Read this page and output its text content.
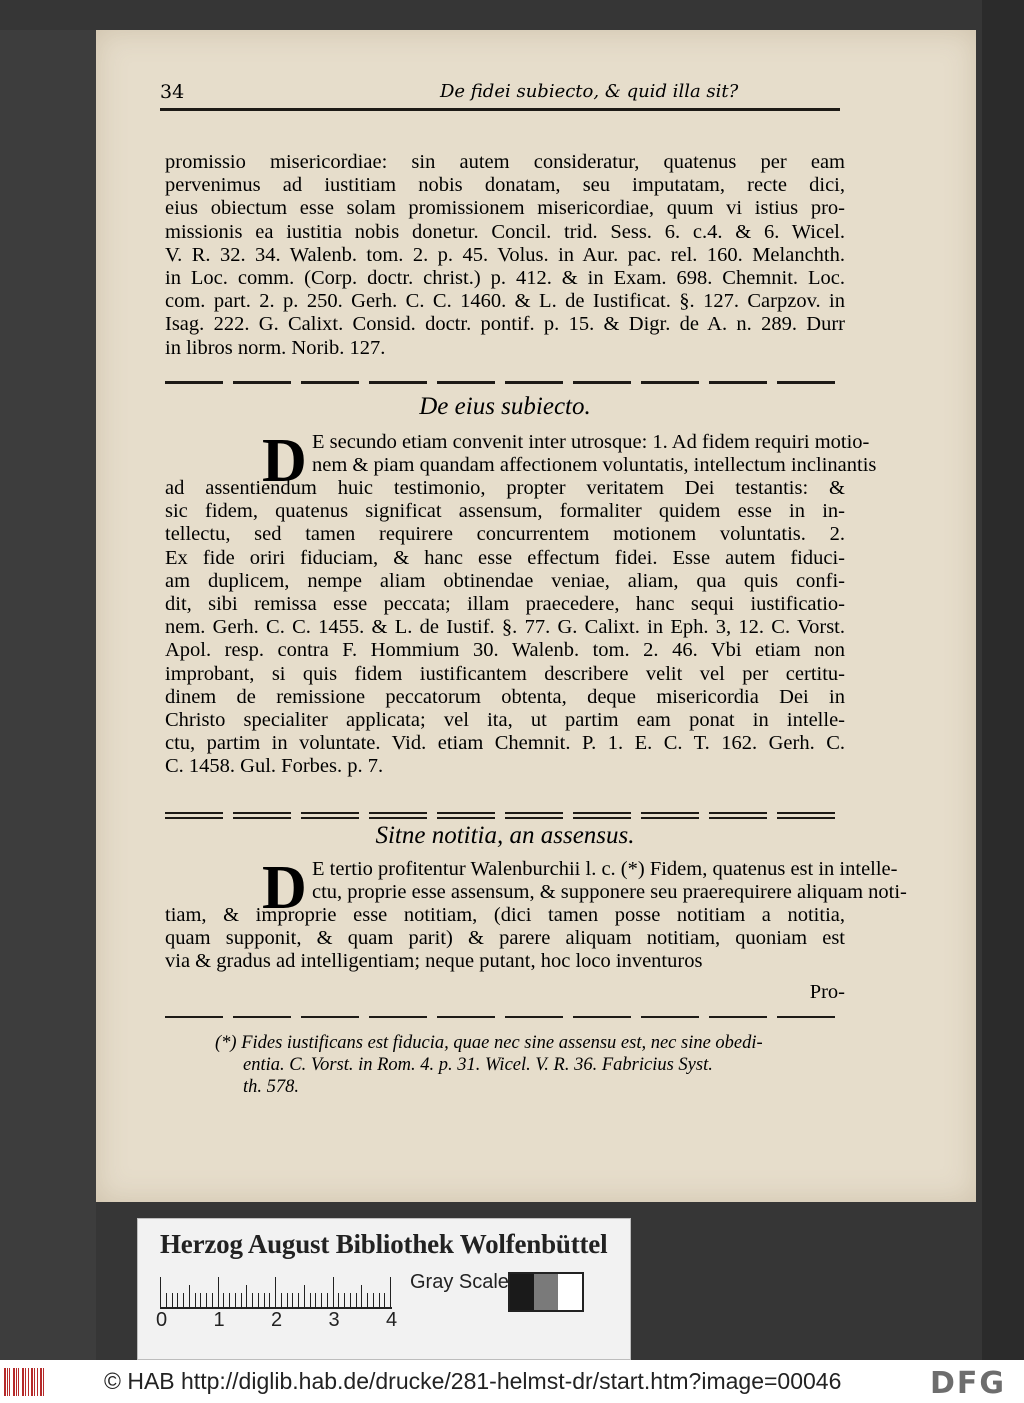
34	De fidei subiecto, & quid illa sit?
promissio misericordiae: sin autem consideratur, quatenus per eam
pervenimus ad iustitiam nobis donatam, seu imputatam, recte dici,
eius obiectum esse solam promissionem misericordiae, quum vi istius pro-
missionis ea iustitia nobis donetur. Concil. trid. Sess. 6. c.4. & 6. Wicel.
V. R. 32. 34. Walenb. tom. 2. p. 45. Volus. in Aur. pac. rel. 160. Melanchth.
in Loc. comm. (Corp. doctr. christ.) p. 412. & in Exam. 698. Chemnit. Loc.
com. part. 2. p. 250. Gerh. C. C. 1460. & L. de Iustificat. §. 127. Carpzov. in
Isag. 222. G. Calixt. Consid. doctr. pontif. p. 15. & Digr. de A. n. 289. Durr
in libros norm. Norib. 127.
De eius subiecto.
D E secundo etiam convenit inter utrosque: 1. Ad fidem requiri motio-
nem & piam quandam affectionem voluntatis, intellectum inclinantis
ad assentiendum huic testimonio, propter veritatem Dei testantis: &
sic fidem, quatenus significat assensum, formaliter quidem esse in in-
tellectu, sed tamen requirere concurrentem motionem voluntatis. 2.
Ex fide oriri fiduciam, & hanc esse effectum fidei. Esse autem fiduci-
am duplicem, nempe aliam obtinendae veniae, aliam, qua quis confi-
dit, sibi remissa esse peccata; illam praecedere, hanc sequi iustificatio-
nem. Gerh. C. C. 1455. & L. de Iustif. §. 77. G. Calixt. in Eph. 3, 12. C. Vorst.
Apol. resp. contra F. Hommium 30. Walenb. tom. 2. 46. Vbi etiam non
improbant, si quis fidem iustificantem describere velit vel per certitu-
dinem de remissione peccatorum obtenta, deque misericordia Dei in
Christo specialiter applicata; vel ita, ut partim eam ponat in intelle-
ctu, partim in voluntate. Vid. etiam Chemnit. P. 1. E. C. T. 162. Gerh. C.
C. 1458. Gul. Forbes. p. 7.
Sitne notitia, an assensus.
D E tertio profitentur Walenburchii l. c. (*) Fidem, quatenus est in intelle-
ctu, proprie esse assensum, & supponere seu praerequirere aliquam noti-
tiam, & improprie esse notitiam, (dici tamen posse notitiam a notitia,
quam supponit, & quam parit) & parere aliquam notitiam, quoniam est
via & gradus ad intelligentiam; neque putant, hoc loco inventuros
Pro-
(*) Fides iustificans est fiducia, quae nec sine assensu est, nec sine obedi-
entia. C. Vorst. in Rom. 4. p. 31. Wicel. V. R. 36. Fabricius Syst.
th. 578.
Herzog August Bibliothek Wolfenbüttel
0 1 2 3 4
Gray Scale
© HAB http://diglib.hab.de/drucke/281-helmst-dr/start.htm?image=00046	DFG
